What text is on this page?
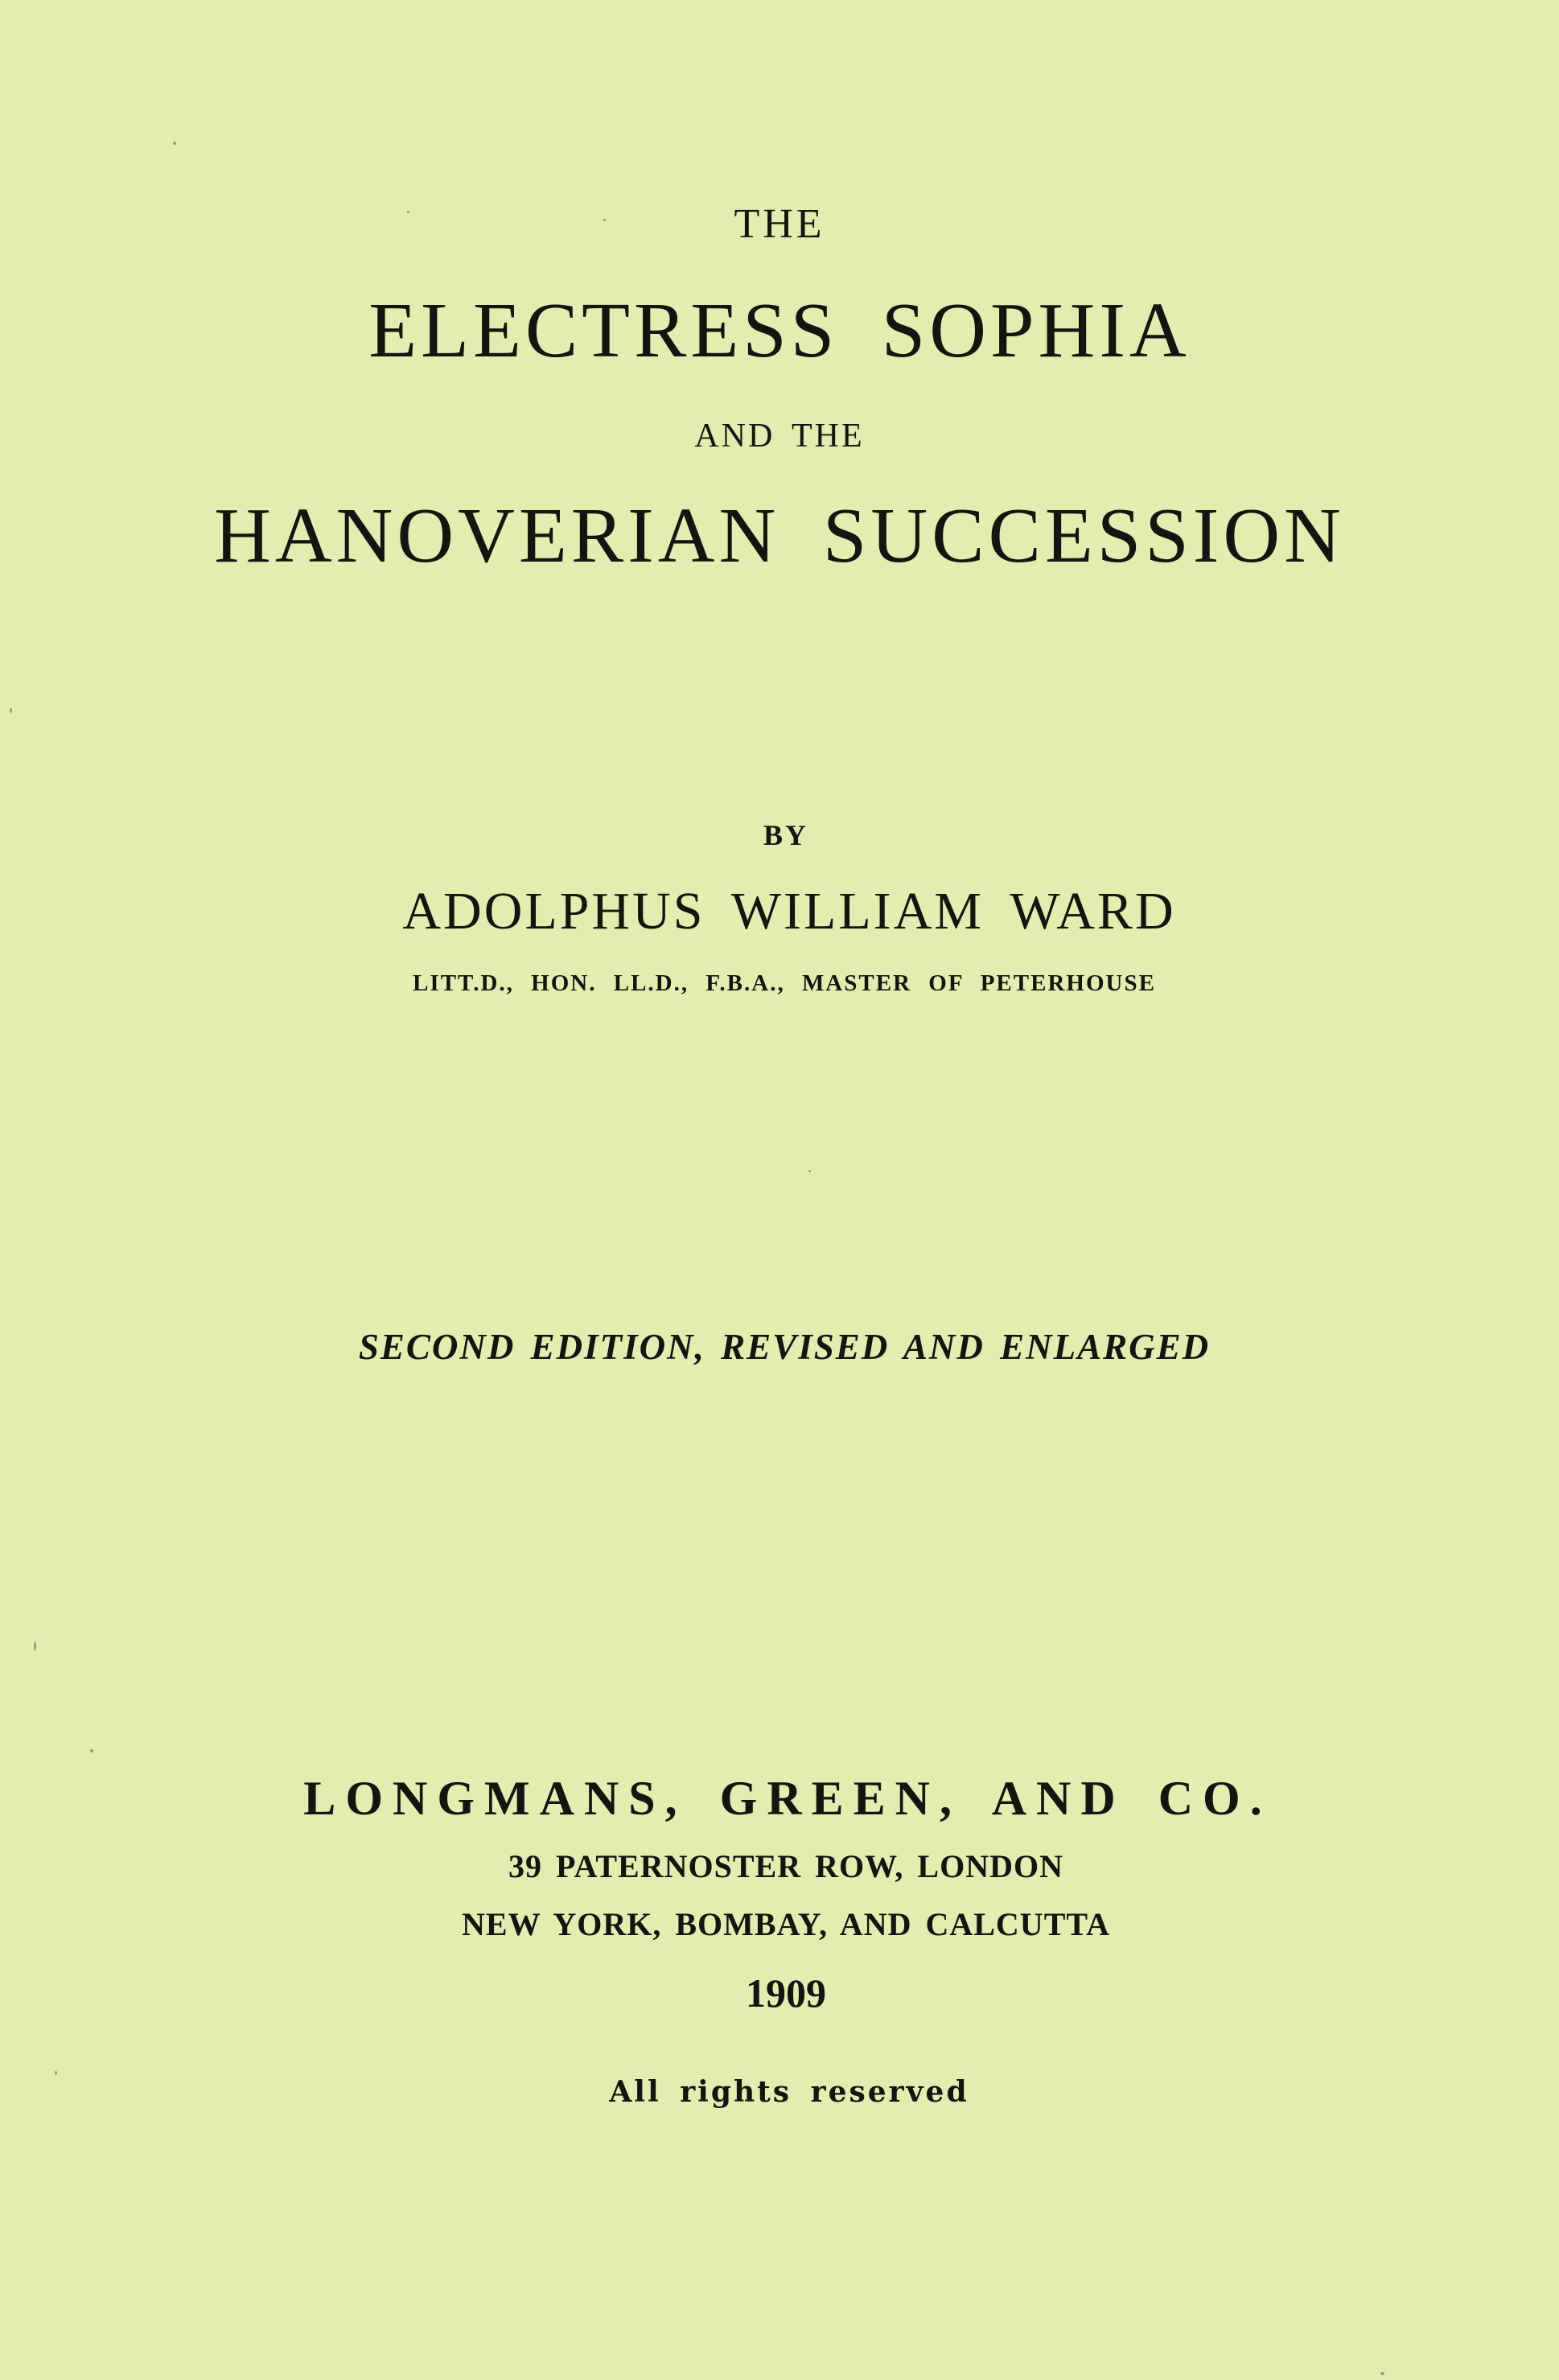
THE
ELECTRESS SOPHIA
AND THE
HANOVERIAN SUCCESSION
BY
ADOLPHUS WILLIAM WARD
LITT.D., HON. LL.D., F.B.A., MASTER OF PETERHOUSE
SECOND EDITION, REVISED AND ENLARGED
LONGMANS, GREEN, AND CO.
39 PATERNOSTER ROW, LONDON
NEW YORK, BOMBAY, AND CALCUTTA
1909
All rights reserved
